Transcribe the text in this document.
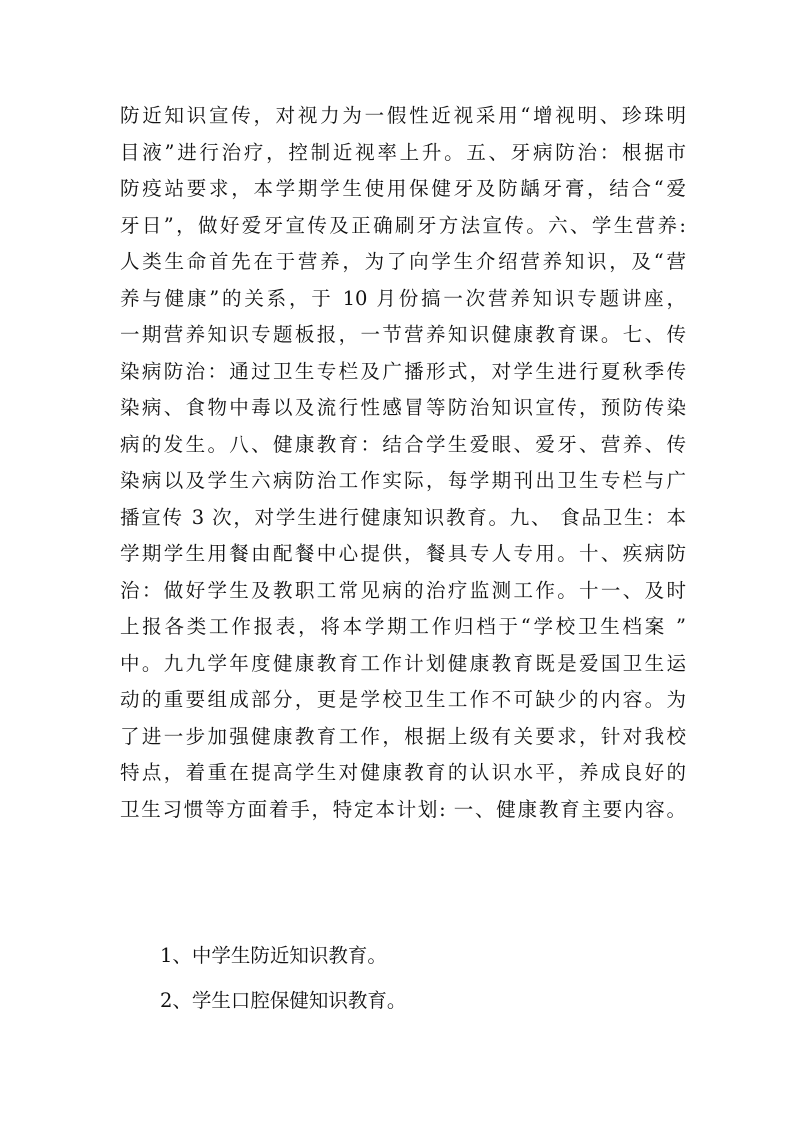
防近知识宣传，对视力为一假性近视采用“增视明、珍珠明
目液”进行治疗，控制近视率上升。五、牙病防治：根据市
防疫站要求，本学期学生使用保健牙及防龋牙膏，结合“爱
牙日”，做好爱牙宣传及正确刷牙方法宣传。六、学生营养:
人类生命首先在于营养，为了向学生介绍营养知识，及“营
养与健康”的关系，于 10 月份搞一次营养知识专题讲座，
一期营养知识专题板报，一节营养知识健康教育课。七、传
染病防治：通过卫生专栏及广播形式，对学生进行夏秋季传
染病、食物中毒以及流行性感冒等防治知识宣传，预防传染
病的发生。八、健康教育：结合学生爱眼、爱牙、营养、传
染病以及学生六病防治工作实际，每学期刊出卫生专栏与广
播宣传 3 次，对学生进行健康知识教育。九、 食品卫生：本
学期学生用餐由配餐中心提供，餐具专人专用。十、疾病防
治：做好学生及教职工常见病的治疗监测工作。十一、及时
上报各类工作报表，将本学期工作归档于“学校卫生档案 ”
中。九九学年度健康教育工作计划健康教育既是爱国卫生运
动的重要组成部分，更是学校卫生工作不可缺少的内容。为
了进一步加强健康教育工作，根据上级有关要求，针对我校
特点，着重在提高学生对健康教育的认识水平，养成良好的
卫生习惯等方面着手，特定本计划: 一、健康教育主要内容。
1、中学生防近知识教育。
2、学生口腔保健知识教育。
